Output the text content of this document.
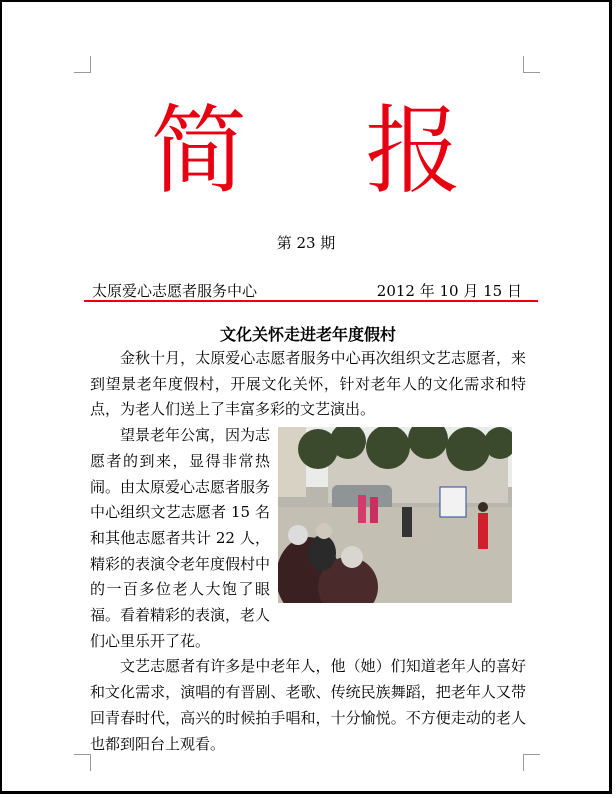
简 报
第 23 期
太原爱心志愿者服务中心	2012 年 10 月 15 日
文化关怀走进老年度假村

金秋十月，太原爱心志愿者服务中心再次组织文艺志愿者，来到望景老年度假村，开展文化关怀，针对老年人的文化需求和特点，为老人们送上了丰富多彩的文艺演出。

望景老年公寓，因为志愿者的到来，显得非常热闹。由太原爱心志愿者服务中心组织文艺志愿者 15 名和其他志愿者共计 22 人，精彩的表演令老年度假村中的一百多位老人大饱了眼福。看着精彩的表演，老人们心里乐开了花。

文艺志愿者有许多是中老年人，他（她）们知道老年人的喜好和文化需求，演唱的有晋剧、老歌、传统民族舞蹈，把老年人又带回青春时代，高兴的时候拍手唱和，十分愉悦。不方便走动的老人也都到阳台上观看。
